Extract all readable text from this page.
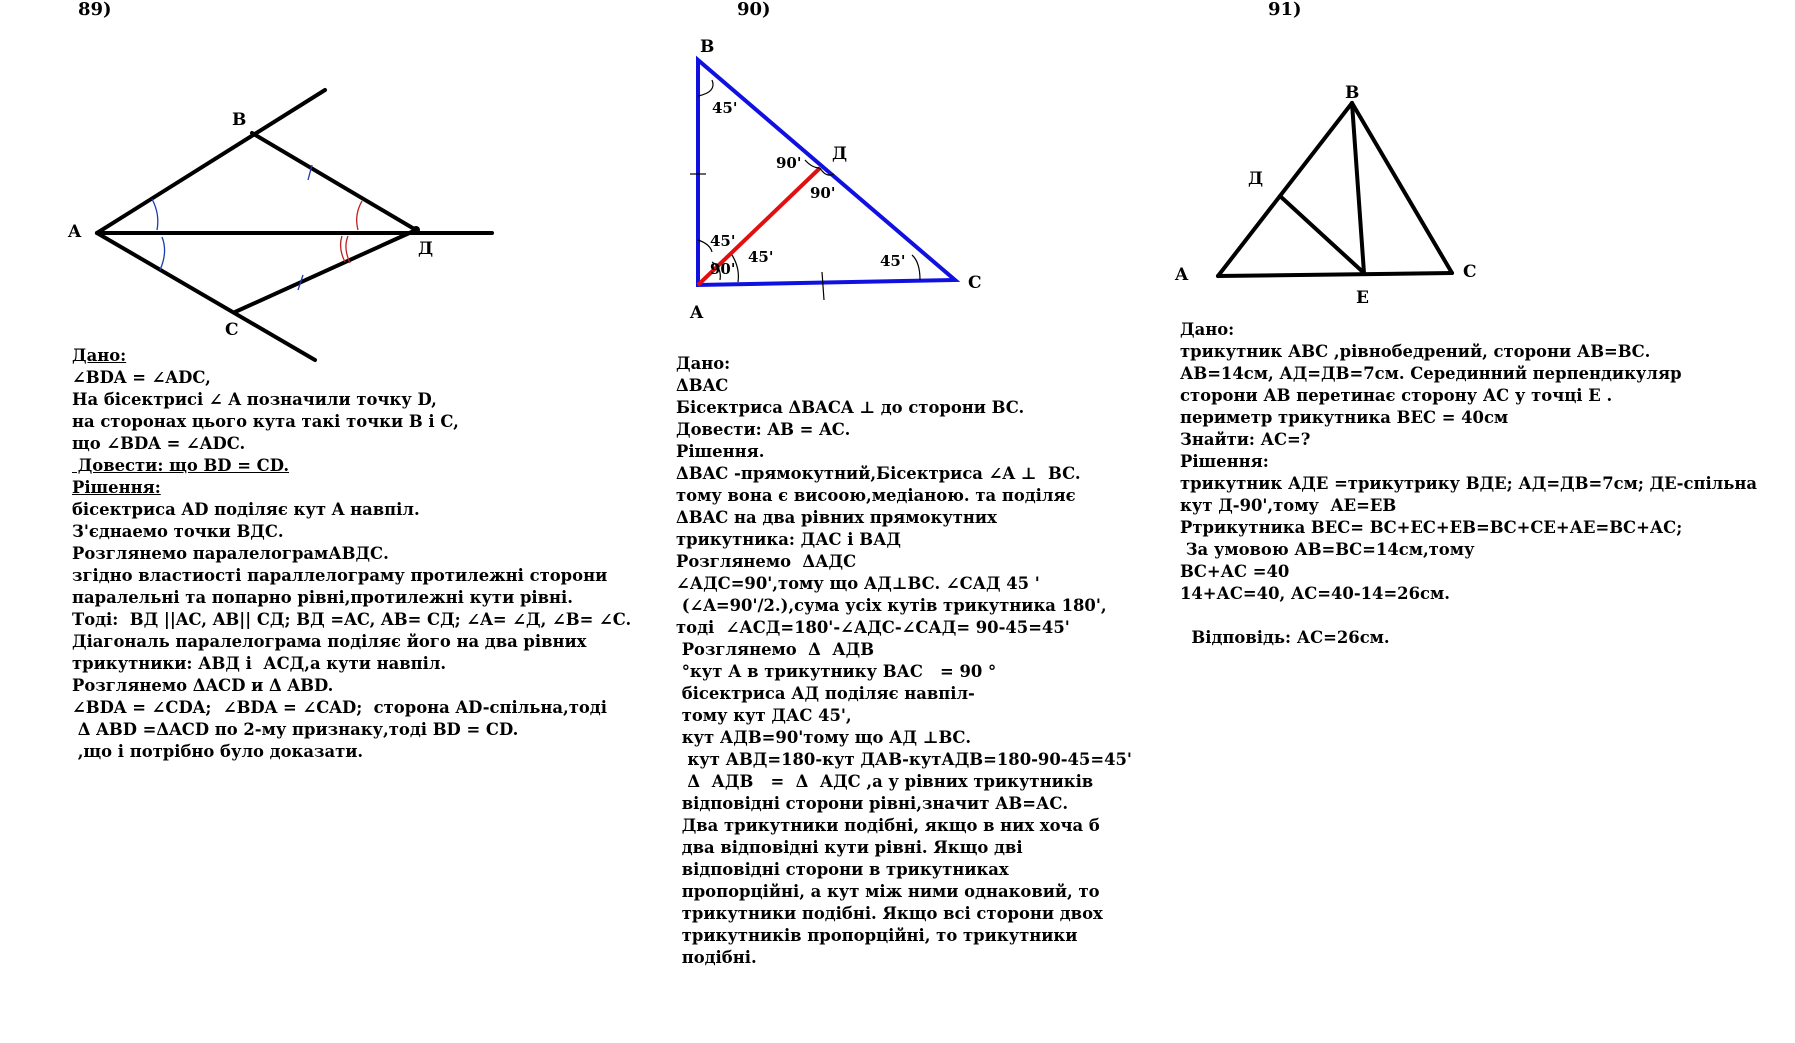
89)	90)	91)
A
B
C
Д
B
A
C
Д
45'
90'
90'
45'
45'
90'	45'
A
B
C
Д
E
Дано:
∠BDA = ∠ADC,
На бісектрисі ∠ A позначили точку D,
на сторонах цього кута такі точки B і C,
що ∠BDA = ∠ADC.
Довести: що BD = CD.
Рішення:
бісектриса AD поділяє кут A навпіл.
З'єднаемо точки ВДС.
Розглянемо паралелограмАВДС.
згідно властиості параллелограму протилежні сторони
паралельні та попарно рівні,протилежні кути рівні.
Тоді:  ВД ||AC, AB|| СД; ВД =AC, AB= СД; ∠A= ∠Д, ∠B= ∠C.
Діагональ паралелограма поділяє його на два рівних
трикутники: АВД і  АСД,а кути навпіл.
Розглянемо ΔACD и Δ ABD.
∠BDA = ∠CDA;  ∠BDA = ∠CAD;  сторона AD-спільна,тоді
Δ ABD =ΔACD по 2-му признаку,тоді BD = CD.
,що і потрібно було доказати.
Дано:
ΔBAC
Бісектриса ΔBACA ⊥ до сторони BC.
Довести: AB = AC.
Рішення.
ΔBAC -прямокутний,Бісектриса ∠A ⊥  BC.
тому вона є висоою,медіаною. та поділяє
ΔBAC на два рівних прямокутних
трикутника: ДАС і ВАД
Розглянемо  ΔАДС
∠АДС=90',тому що АД⊥BC. ∠САД 45 '
(∠A=90'/2.),сума усіх кутів трикутника 180',
тоді  ∠АСД=180'-∠АДС-∠САД= 90-45=45'
Розглянемо  Δ  АДВ
°кут А в трикутнику ВАС   = 90 °
бісектриса АД поділяє навпіл-
тому кут ДАС 45',
кут АДВ=90'тому що АД ⊥ВС.
кут АВД=180-кут ДАВ-кутАДВ=180-90-45=45'
Δ  АДВ   =  Δ  АДС ,а у рівних трикутників
відповідні сторони рівні,значит АВ=АС.
Два трикутники подібні, якщо в них хоча б
два відповідні кути рівні. Якщо дві
відповідні сторони в трикутниках
пропорційні, а кут між ними однаковий, то
трикутники подібні. Якщо всі сторони двох
трикутників пропорційні, то трикутники
подібні.
Дано:
трикутник АВС ,рівнобедрений, сторони АВ=ВС.
АВ=14см, АД=ДВ=7см. Серединний перпендикуляр
сторони АВ перетинає сторону АС у точці Е .
периметр трикутника ВЕС = 40см
Знайти: АС=?
Рішення:
трикутник АДЕ =трикутрику ВДЕ; АД=ДВ=7см; ДЕ-спільна
кут Д-90',тому  АЕ=ЕВ
Ртрикутника ВЕС= ВС+ЕС+ЕВ=ВС+СЕ+АЕ=ВС+АС;
За умовою АВ=ВС=14см,тому
ВС+АС =40
14+АС=40, АС=40-14=26см.
Відповідь: АС=26см.
